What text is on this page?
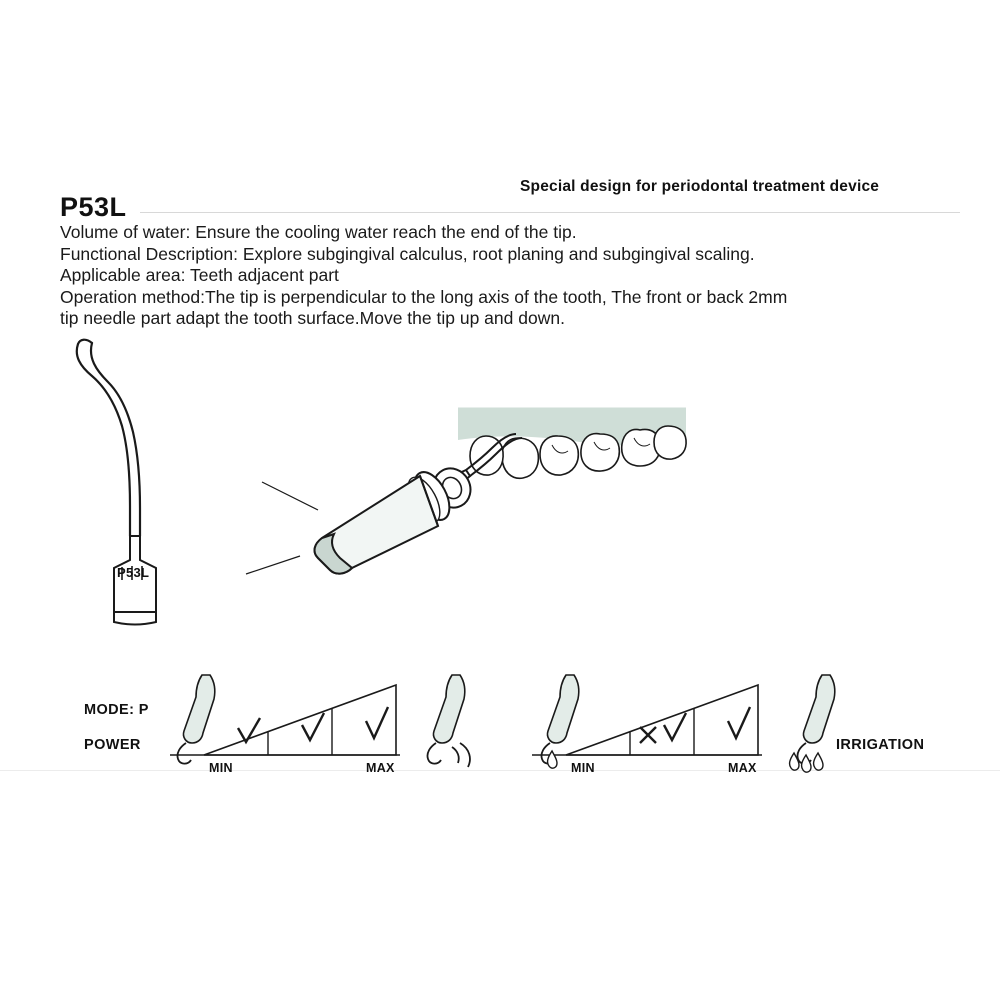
Special design for periodontal treatment device
P53L
Volume of water: Ensure the cooling water reach the end of the tip.
Functional Description: Explore subgingival calculus, root planing and subgingival scaling.
Applicable area: Teeth adjacent part
Operation method:The tip is perpendicular to the long axis of the tooth, The front or back 2mm
tip needle part adapt the tooth surface.Move the tip up and down.
P53L
MODE: P
POWER	IRRIGATION
MIN	MAX	MIN	MAX
